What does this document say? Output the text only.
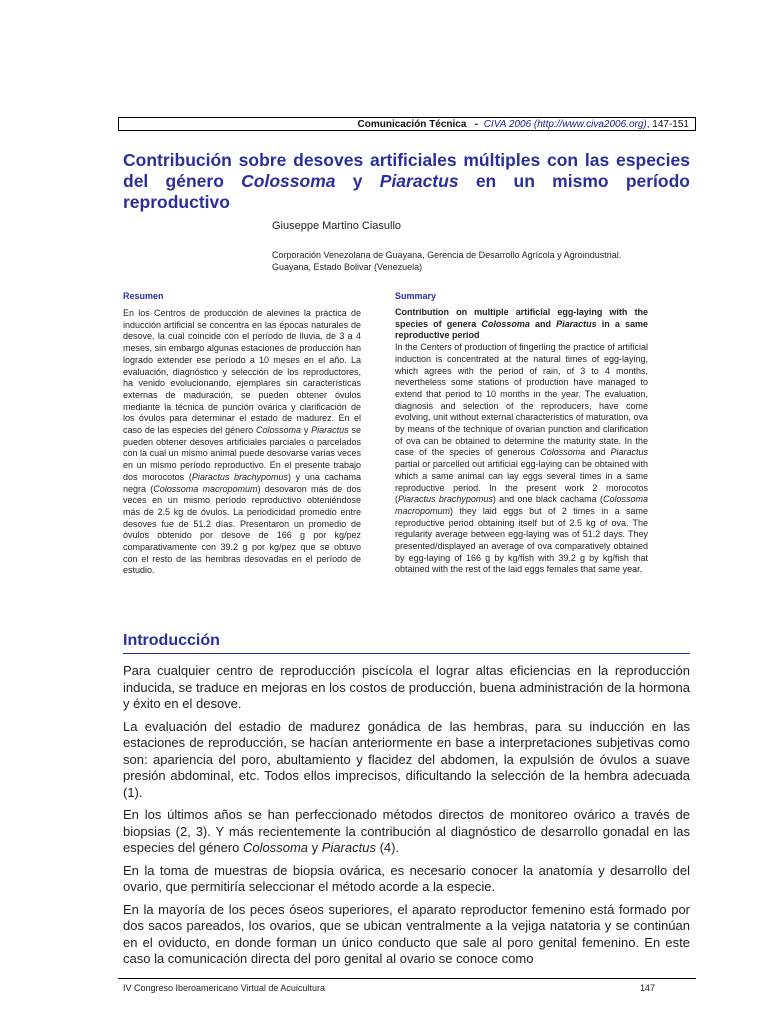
Comunicación Técnica - CIVA 2006 (http://www.civa2006.org), 147-151
Contribución sobre desoves artificiales múltiples con las especies del género Colossoma y Piaractus en un mismo período reproductivo
Giuseppe Martino Ciasullo
Corporación Venezolana de Guayana, Gerencia de Desarrollo Agrícola y Agroindustrial.
Guayana, Estado Bolivar (Venezuela)
Resumen	Summary

En los Centros de producción de alevines la práctica de inducción artificial se concentra en las épocas naturales de desove, la cual coincide con el período de lluvia, de 3 a 4 meses, sin embargo algunas estaciones de producción han logrado extender ese período a 10 meses en el año. La evaluación, diagnóstico y selección de los reproductores, ha venido evolucionando, ejemplares sin características externas de maduración, se pueden obtener óvulos mediante la técnica de punción ovárica y clarificación de los óvulos para determinar el estado de madurez. En el caso de las especies del género Colossoma y Piaractus se pueden obtener desoves artificiales parciales o parcelados con la cual un mismo animal puede desovarse varias veces en un mismo período reproductivo. En el presente trabajo dos morocotos (Piaractus brachypomus) y una cachama negra (Colossoma macropomum) desovaron más de dos veces en un mismo período reproductivo obteniéndose más de 2.5 kg de óvulos. La periodicidad promedio entre desoves fue de 51.2 días. Presentaron un promedio de óvulos obtenido por desove de 166 g por kg/pez comparativamente con 39.2 g por kg/pez que se obtuvo con el resto de las hembras desovadas en el período de estudio.

Contribution on multiple artificial egg-laying with the species of genera Colossoma and Piaractus in a same reproductive period
In the Centers of production of fingerling the practice of artificial induction is concentrated at the natural times of egg-laying, which agrees with the period of rain, of 3 to 4 months, nevertheless some stations of production have managed to extend that period to 10 months in the year. The evaluation, diagnosis and selection of the reproducers, have come evolving, unit without external characteristics of maturation, ova by means of the technique of ovarian punction and clarification of ova can be obtained to determine the maturity state. In the case of the species of generous Colossoma and Piaractus partial or parcelled out artificial egg-laying can be obtained with which a same animal can lay eggs several times in a same reproductive period. In the present work 2 morocotos (Piaractus brachypomus) and one black cachama (Colossoma macropomum) they laid eggs but of 2 times in a same reproductive period obtaining itself but of 2.5 kg of ova. The regularity average between egg-laying was of 51.2 days. They presented/displayed an average of ova comparatively obtained by egg-laying of 166 g by kg/fish with 39.2 g by kg/fish that obtained with the rest of the laid eggs females that same year.
Introducción

Para cualquier centro de reproducción piscícola el lograr altas eficiencias en la reproducción inducida, se traduce en mejoras en los costos de producción, buena administración de la hormona y éxito en el desove.

La evaluación del estadio de madurez gonádica de las hembras, para su inducción en las estaciones de reproducción, se hacían anteriormente en base a interpretaciones subjetivas como son: apariencia del poro, abultamiento y flacidez del abdomen, la expulsión de óvulos a suave presión abdominal, etc. Todos ellos imprecisos, dificultando la selección de la hembra adecuada (1).

En los últimos años se han perfeccionado métodos directos de monitoreo ovárico a través de biopsias (2, 3). Y más recientemente la contribución al diagnóstico de desarrollo gonadal en las especies del género Colossoma y Piaractus (4).

En la toma de muestras de biopsia ovárica, es necesario conocer la anatomía y desarrollo del ovario, que permitiría seleccionar el método acorde a la especie.

En la mayoría de los peces óseos superiores, el aparato reproductor femenino está formado por dos sacos pareados, los ovarios, que se ubican ventralmente a la vejiga natatoria y se continúan en el oviducto, en donde forman un único conducto que sale al poro genital femenino. En este caso la comunicación directa del poro genital al ovario se conoce como

IV Congreso Iberoamericano Virtual de Acuicultura	147
